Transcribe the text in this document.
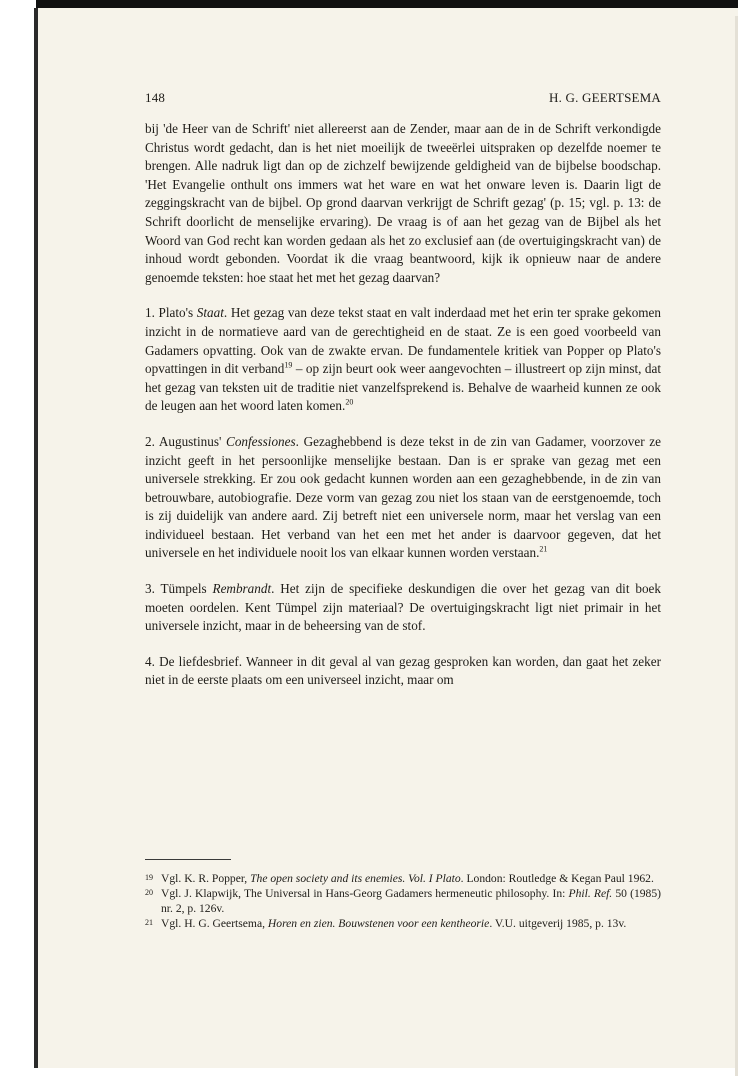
148	H. G. GEERTSEMA

bij 'de Heer van de Schrift' niet allereerst aan de Zender, maar aan de in de Schrift verkondigde Christus wordt gedacht, dan is het niet moeilijk de tweeërlei uitspraken op dezelfde noemer te brengen. Alle nadruk ligt dan op de zichzelf bewijzende geldigheid van de bijbelse boodschap. 'Het Evangelie onthult ons immers wat het ware en wat het onware leven is. Daarin ligt de zeggingskracht van de bijbel. Op grond daarvan verkrijgt de Schrift gezag' (p. 15; vgl. p. 13: de Schrift doorlicht de menselijke ervaring). De vraag is of aan het gezag van de Bijbel als het Woord van God recht kan worden gedaan als het zo exclusief aan (de overtuigingskracht van) de inhoud wordt gebonden. Voordat ik die vraag beantwoord, kijk ik opnieuw naar de andere genoemde teksten: hoe staat het met het gezag daarvan?

1. Plato's Staat. Het gezag van deze tekst staat en valt inderdaad met het erin ter sprake gekomen inzicht in de normatieve aard van de gerechtigheid en de staat. Ze is een goed voorbeeld van Gadamers opvatting. Ook van de zwakte ervan. De fundamentele kritiek van Popper op Plato's opvattingen in dit verband$^{19}$ – op zijn beurt ook weer aangevochten – illustreert op zijn minst, dat het gezag van teksten uit de traditie niet vanzelfsprekend is. Behalve de waarheid kunnen ze ook de leugen aan het woord laten komen.$^{20}$

2. Augustinus' Confessiones. Gezaghebbend is deze tekst in de zin van Gadamer, voorzover ze inzicht geeft in het persoonlijke menselijke bestaan. Dan is er sprake van gezag met een universele strekking. Er zou ook gedacht kunnen worden aan een gezaghebbende, in de zin van betrouwbare, autobiografie. Deze vorm van gezag zou niet los staan van de eerstgenoemde, toch is zij duidelijk van andere aard. Zij betreft niet een universele norm, maar het verslag van een individueel bestaan. Het verband van het een met het ander is daarvoor gegeven, dat het universele en het individuele nooit los van elkaar kunnen worden verstaan.$^{21}$

3. Tümpels Rembrandt. Het zijn de specifieke deskundigen die over het gezag van dit boek moeten oordelen. Kent Tümpel zijn materiaal? De overtuigingskracht ligt niet primair in het universele inzicht, maar in de beheersing van de stof.

4. De liefdesbrief. Wanneer in dit geval al van gezag gesproken kan worden, dan gaat het zeker niet in de eerste plaats om een universeel inzicht, maar om

19 Vgl. K. R. Popper, The open society and its enemies. Vol. I Plato. London: Routledge & Kegan Paul 1962.
20 Vgl. J. Klapwijk, The Universal in Hans-Georg Gadamers hermeneutic philosophy. In: Phil. Ref. 50 (1985) nr. 2, p. 126v.
21 Vgl. H. G. Geertsema, Horen en zien. Bouwstenen voor een kentheorie. V.U. uitgeverij 1985, p. 13v.
